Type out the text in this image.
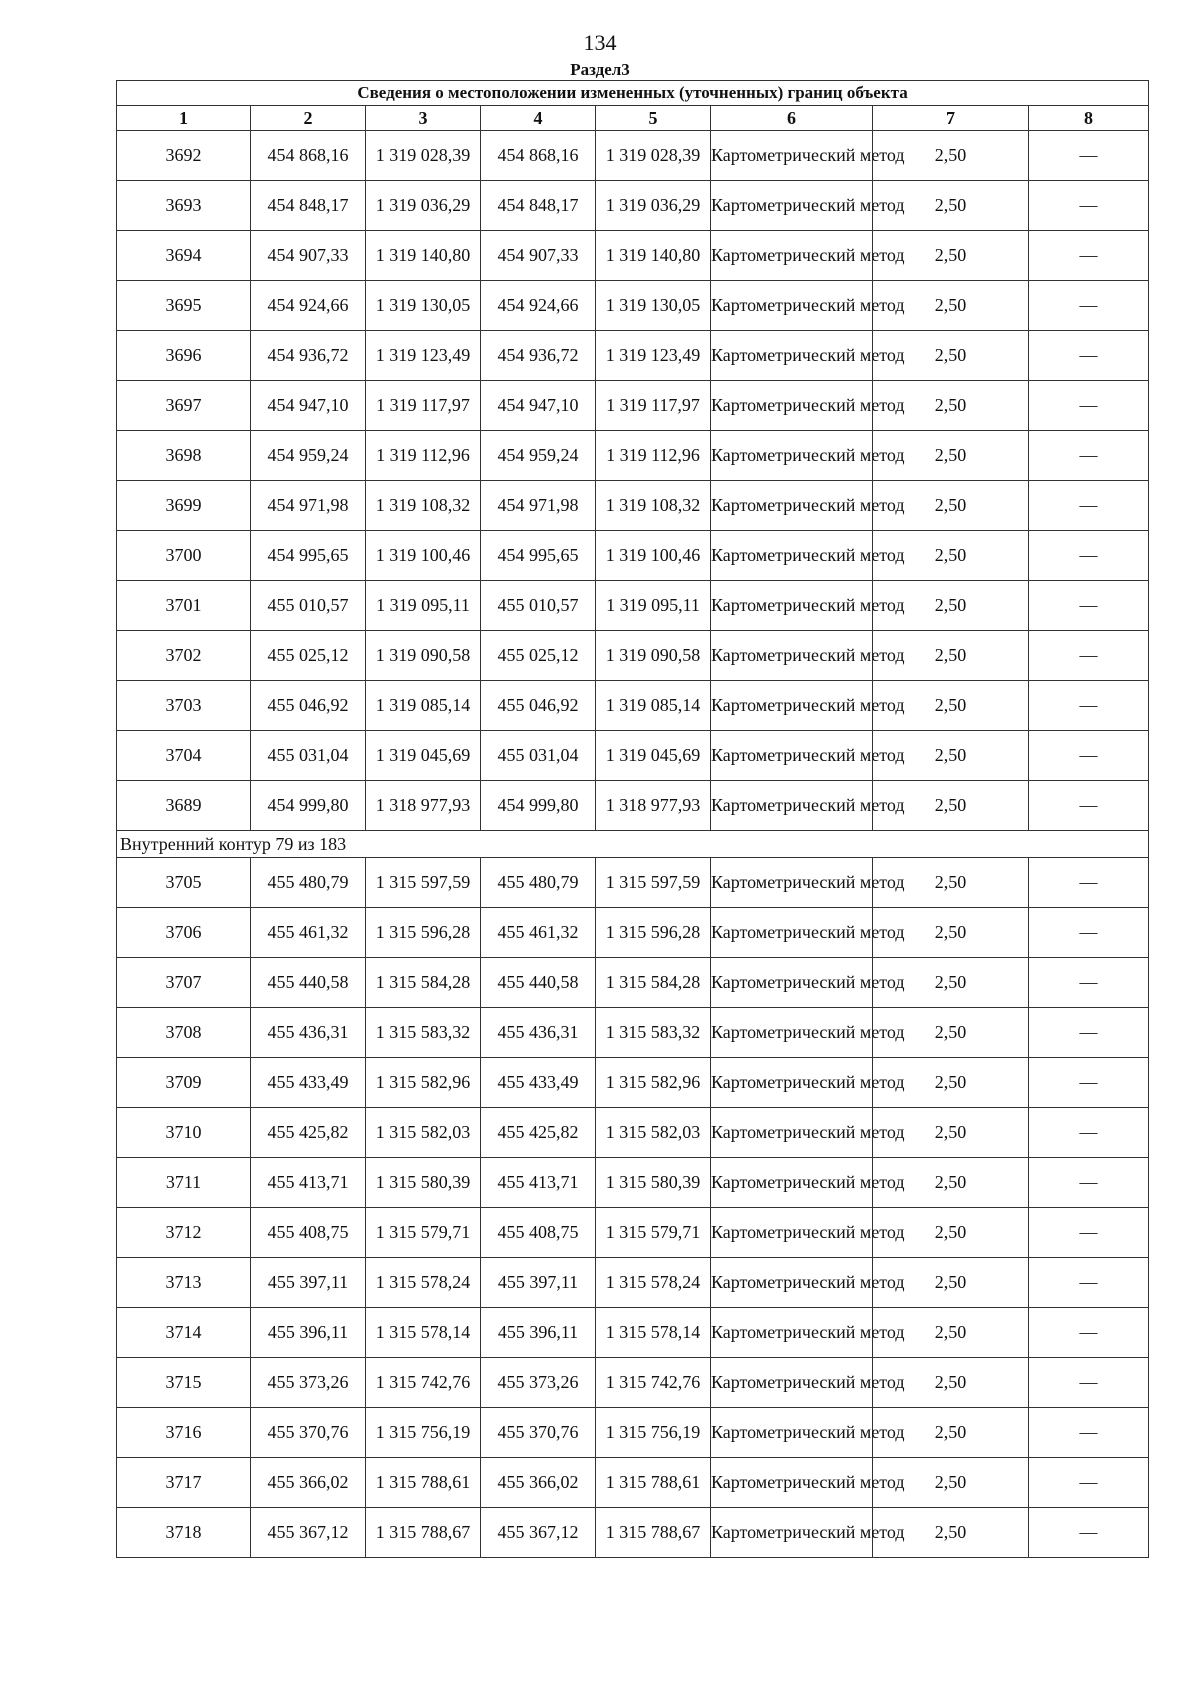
134
Раздел3
Сведения о местоположении измененных (уточненных) границ объекта							
1	2	3	4	5	6	7	8
3692	454 868,16	1 319 028,39	454 868,16	1 319 028,39	Картометрический метод	2,50	—
3693	454 848,17	1 319 036,29	454 848,17	1 319 036,29	Картометрический метод	2,50	—
3694	454 907,33	1 319 140,80	454 907,33	1 319 140,80	Картометрический метод	2,50	—
3695	454 924,66	1 319 130,05	454 924,66	1 319 130,05	Картометрический метод	2,50	—
3696	454 936,72	1 319 123,49	454 936,72	1 319 123,49	Картометрический метод	2,50	—
3697	454 947,10	1 319 117,97	454 947,10	1 319 117,97	Картометрический метод	2,50	—
3698	454 959,24	1 319 112,96	454 959,24	1 319 112,96	Картометрический метод	2,50	—
3699	454 971,98	1 319 108,32	454 971,98	1 319 108,32	Картометрический метод	2,50	—
3700	454 995,65	1 319 100,46	454 995,65	1 319 100,46	Картометрический метод	2,50	—
3701	455 010,57	1 319 095,11	455 010,57	1 319 095,11	Картометрический метод	2,50	—
3702	455 025,12	1 319 090,58	455 025,12	1 319 090,58	Картометрический метод	2,50	—
3703	455 046,92	1 319 085,14	455 046,92	1 319 085,14	Картометрический метод	2,50	—
3704	455 031,04	1 319 045,69	455 031,04	1 319 045,69	Картометрический метод	2,50	—
3689	454 999,80	1 318 977,93	454 999,80	1 318 977,93	Картометрический метод	2,50	—
Внутренний контур 79 из 183							
3705	455 480,79	1 315 597,59	455 480,79	1 315 597,59	Картометрический метод	2,50	—
3706	455 461,32	1 315 596,28	455 461,32	1 315 596,28	Картометрический метод	2,50	—
3707	455 440,58	1 315 584,28	455 440,58	1 315 584,28	Картометрический метод	2,50	—
3708	455 436,31	1 315 583,32	455 436,31	1 315 583,32	Картометрический метод	2,50	—
3709	455 433,49	1 315 582,96	455 433,49	1 315 582,96	Картометрический метод	2,50	—
3710	455 425,82	1 315 582,03	455 425,82	1 315 582,03	Картометрический метод	2,50	—
3711	455 413,71	1 315 580,39	455 413,71	1 315 580,39	Картометрический метод	2,50	—
3712	455 408,75	1 315 579,71	455 408,75	1 315 579,71	Картометрический метод	2,50	—
3713	455 397,11	1 315 578,24	455 397,11	1 315 578,24	Картометрический метод	2,50	—
3714	455 396,11	1 315 578,14	455 396,11	1 315 578,14	Картометрический метод	2,50	—
3715	455 373,26	1 315 742,76	455 373,26	1 315 742,76	Картометрический метод	2,50	—
3716	455 370,76	1 315 756,19	455 370,76	1 315 756,19	Картометрический метод	2,50	—
3717	455 366,02	1 315 788,61	455 366,02	1 315 788,61	Картометрический метод	2,50	—
3718	455 367,12	1 315 788,67	455 367,12	1 315 788,67	Картометрический метод	2,50	—
